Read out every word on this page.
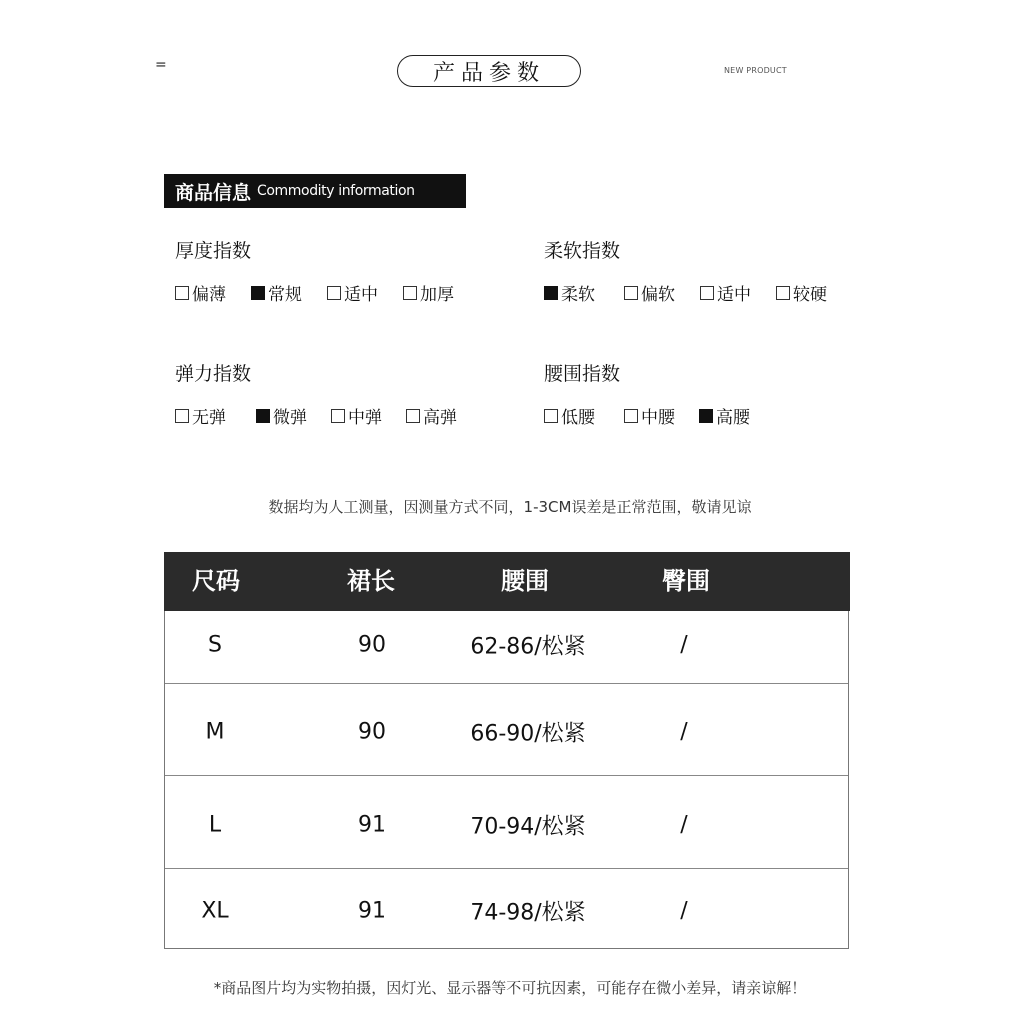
=	产品参数	NEW PRODUCT
商品信息 Commodity information
厚度指数
偏薄 常规 适中 加厚
柔软指数
柔软	偏软 适中 较硬
弹力指数
无弹	微弹 中弹 高弹
腰围指数
低腰	中腰 高腰
数据均为人工测量，因测量方式不同，1-3CM误差是正常范围，敬请见谅
尺码	裙长	腰围	臀围
S	90	62-86/松紧	/
M	90	66-90/松紧	/
L	91	70-94/松紧	/
XL	91	74-98/松紧	/
*商品图片均为实物拍摄，因灯光、显示器等不可抗因素，可能存在微小差异，请亲谅解！
